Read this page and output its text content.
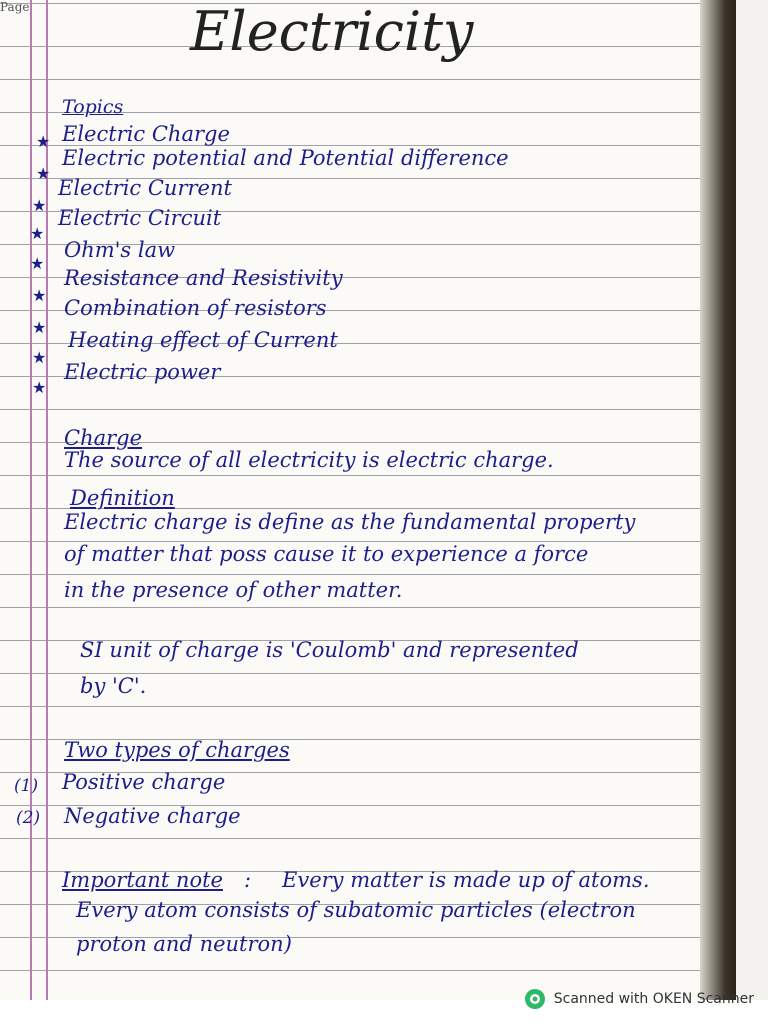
Page	Electricity
Topics
★ Electric Charge
★
Electric potential and Potential difference
★
Electric Current
★
Electric Circuit
★
Ohm's law
★
Resistance and Resistivity
★
Combination of resistors
★
Heating effect of Current
★
Electric power
Charge
The source of all electricity is electric charge.
Definition
Electric charge is define as the fundamental property
of matter that poss cause it to experience a force
in the presence of other matter.
SI unit of charge is 'Coulomb' and represented
by 'C'.
Two types of charges
(1) Positive charge
(2) Negative charge
Important note : Every matter is made up of atoms.
Every atom consists of subatomic particles (electron
proton and neutron)
Scanned with OKEN Scanner
